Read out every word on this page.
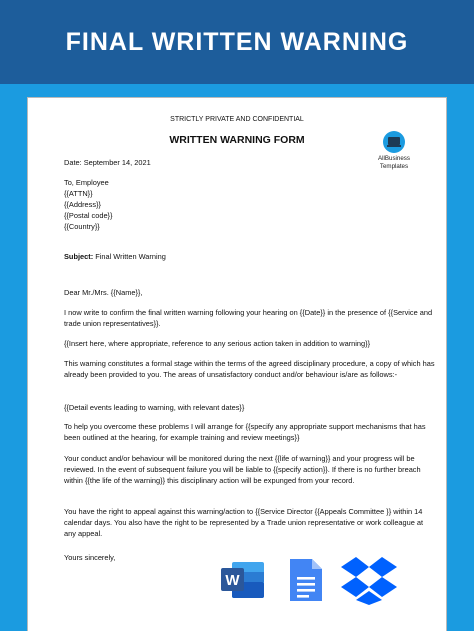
FINAL WRITTEN WARNING
STRICTLY PRIVATE AND CONFIDENTIAL
WRITTEN WARNING FORM
AllBusiness
Templates
Date: September 14, 2021
To, Employee
{{ATTN}}
{{Address}}
{{Postal code}}
{{Country}}
Subject: Final Written Warning
Dear Mr./Mrs. {{Name}},
I now write to confirm the final written warning following your hearing on {{Date}} in the presence of {{Service and trade union representatives}}.
{{Insert here, where appropriate, reference to any serious action taken in addition to warning}}
This warning constitutes a formal stage within the terms of the agreed disciplinary procedure, a copy of which has already been provided to you. The areas of unsatisfactory conduct and/or behaviour is/are as follows:-
{{Detail events leading to warning, with relevant dates}}
To help you overcome these problems I will arrange for {{specify any appropriate support mechanisms that has been outlined at the hearing, for example training and review meetings}}
Your conduct and/or behaviour will be monitored during the next {{life of warning}} and your progress will be reviewed. In the event of subsequent failure you will be liable to {{specify action}}. If there is no further breach within {{the life of the warning}} this disciplinary action will be expunged from your record.
You have the right to appeal against this warning/action to {{Service Director {{Appeals Committee }} within 14 calendar days. You also have the right to be represented by a Trade union representative or work colleague at any appeal.
Yours sincerely,
W
